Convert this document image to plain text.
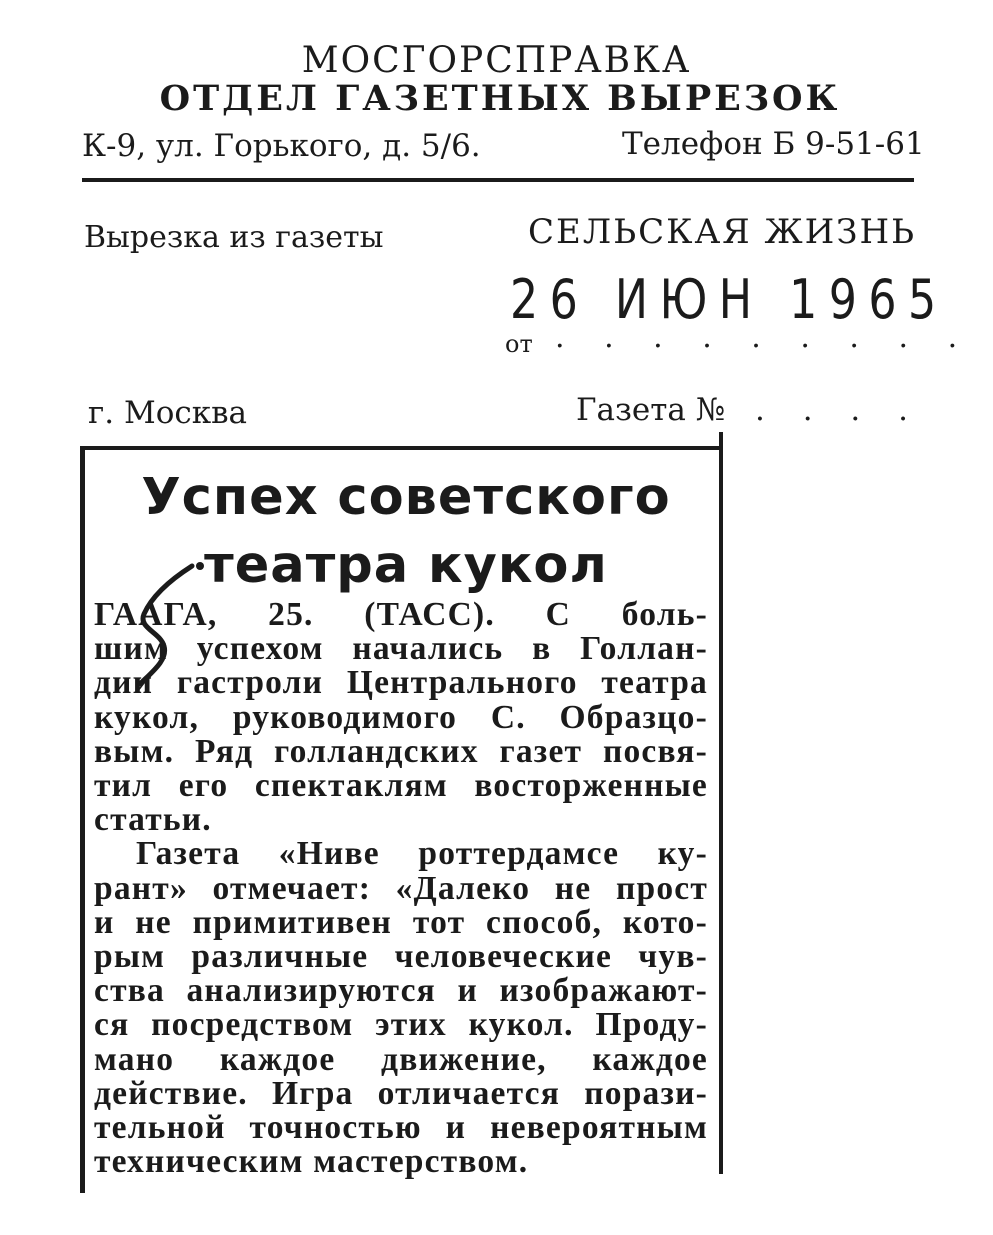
МОСГОРСПРАВКА
ОТДЕЛ ГАЗЕТНЫХ ВЫРЕЗОК
К-9, ул. Горького, д. 5/6.	Телефон Б 9-51-61
Вырезка из газеты	СЕЛЬСКАЯ ЖИЗНЬ
26 ИЮН 1965
от . . . . . . . . .
г. Москва	Газета № . . . .
Успех советского
театра кукол
ГААГА, 25. (ТАСС). С боль-
шим успехом начались в Голлан-
дии гастроли Центрального театра
кукол, руководимого С. Образцо-
вым. Ряд голландских газет посвя-
тил его спектаклям восторженные
статьи.
Газета «Ниве роттердамсе ку-
рант» отмечает: «Далеко не прост
и не примитивен тот способ, кото-
рым различные человеческие чув-
ства анализируются и изображают-
ся посредством этих кукол. Проду-
мано каждое движение, каждое
действие. Игра отличается порази-
тельной точностью и невероятным
техническим мастерством.
